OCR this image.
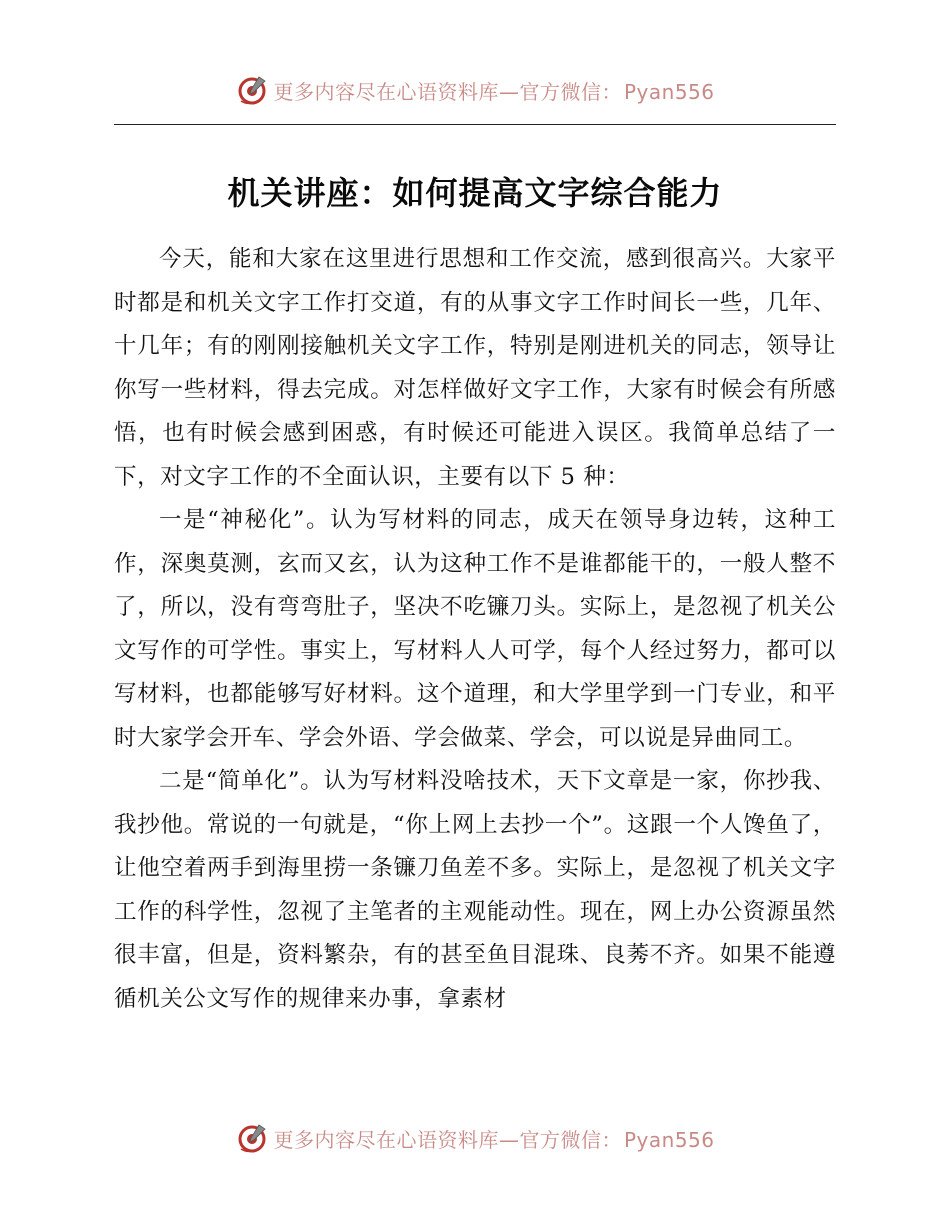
更多内容尽在心语资料库—官方微信： Pyan556
机关讲座：如何提高文字综合能力

今天，能和大家在这里进行思想和工作交流，感到很高兴。大家平时都是和机关文字工作打交道，有的从事文字工作时间长一些，几年、十几年；有的刚刚接触机关文字工作，特别是刚进机关的同志，领导让你写一些材料，得去完成。对怎样做好文字工作，大家有时候会有所感悟，也有时候会感到困惑，有时候还可能进入误区。我简单总结了一下，对文字工作的不全面认识，主要有以下 5 种：

一是“神秘化”。认为写材料的同志，成天在领导身边转，这种工作，深奥莫测，玄而又玄，认为这种工作不是谁都能干的，一般人整不了，所以，没有弯弯肚子，坚决不吃镰刀头。实际上，是忽视了机关公文写作的可学性。事实上，写材料人人可学，每个人经过努力，都可以写材料，也都能够写好材料。这个道理，和大学里学到一门专业，和平时大家学会开车、学会外语、学会做菜、学会，可以说是异曲同工。

二是“简单化”。认为写材料没啥技术，天下文章是一家，你抄我、我抄他。常说的一句就是，“你上网上去抄一个”。这跟一个人馋鱼了，让他空着两手到海里捞一条镰刀鱼差不多。实际上，是忽视了机关文字工作的科学性，忽视了主笔者的主观能动性。现在，网上办公资源虽然很丰富，但是，资料繁杂，有的甚至鱼目混珠、良莠不齐。如果不能遵循机关公文写作的规律来办事，拿素材

更多内容尽在心语资料库—官方微信： Pyan556
